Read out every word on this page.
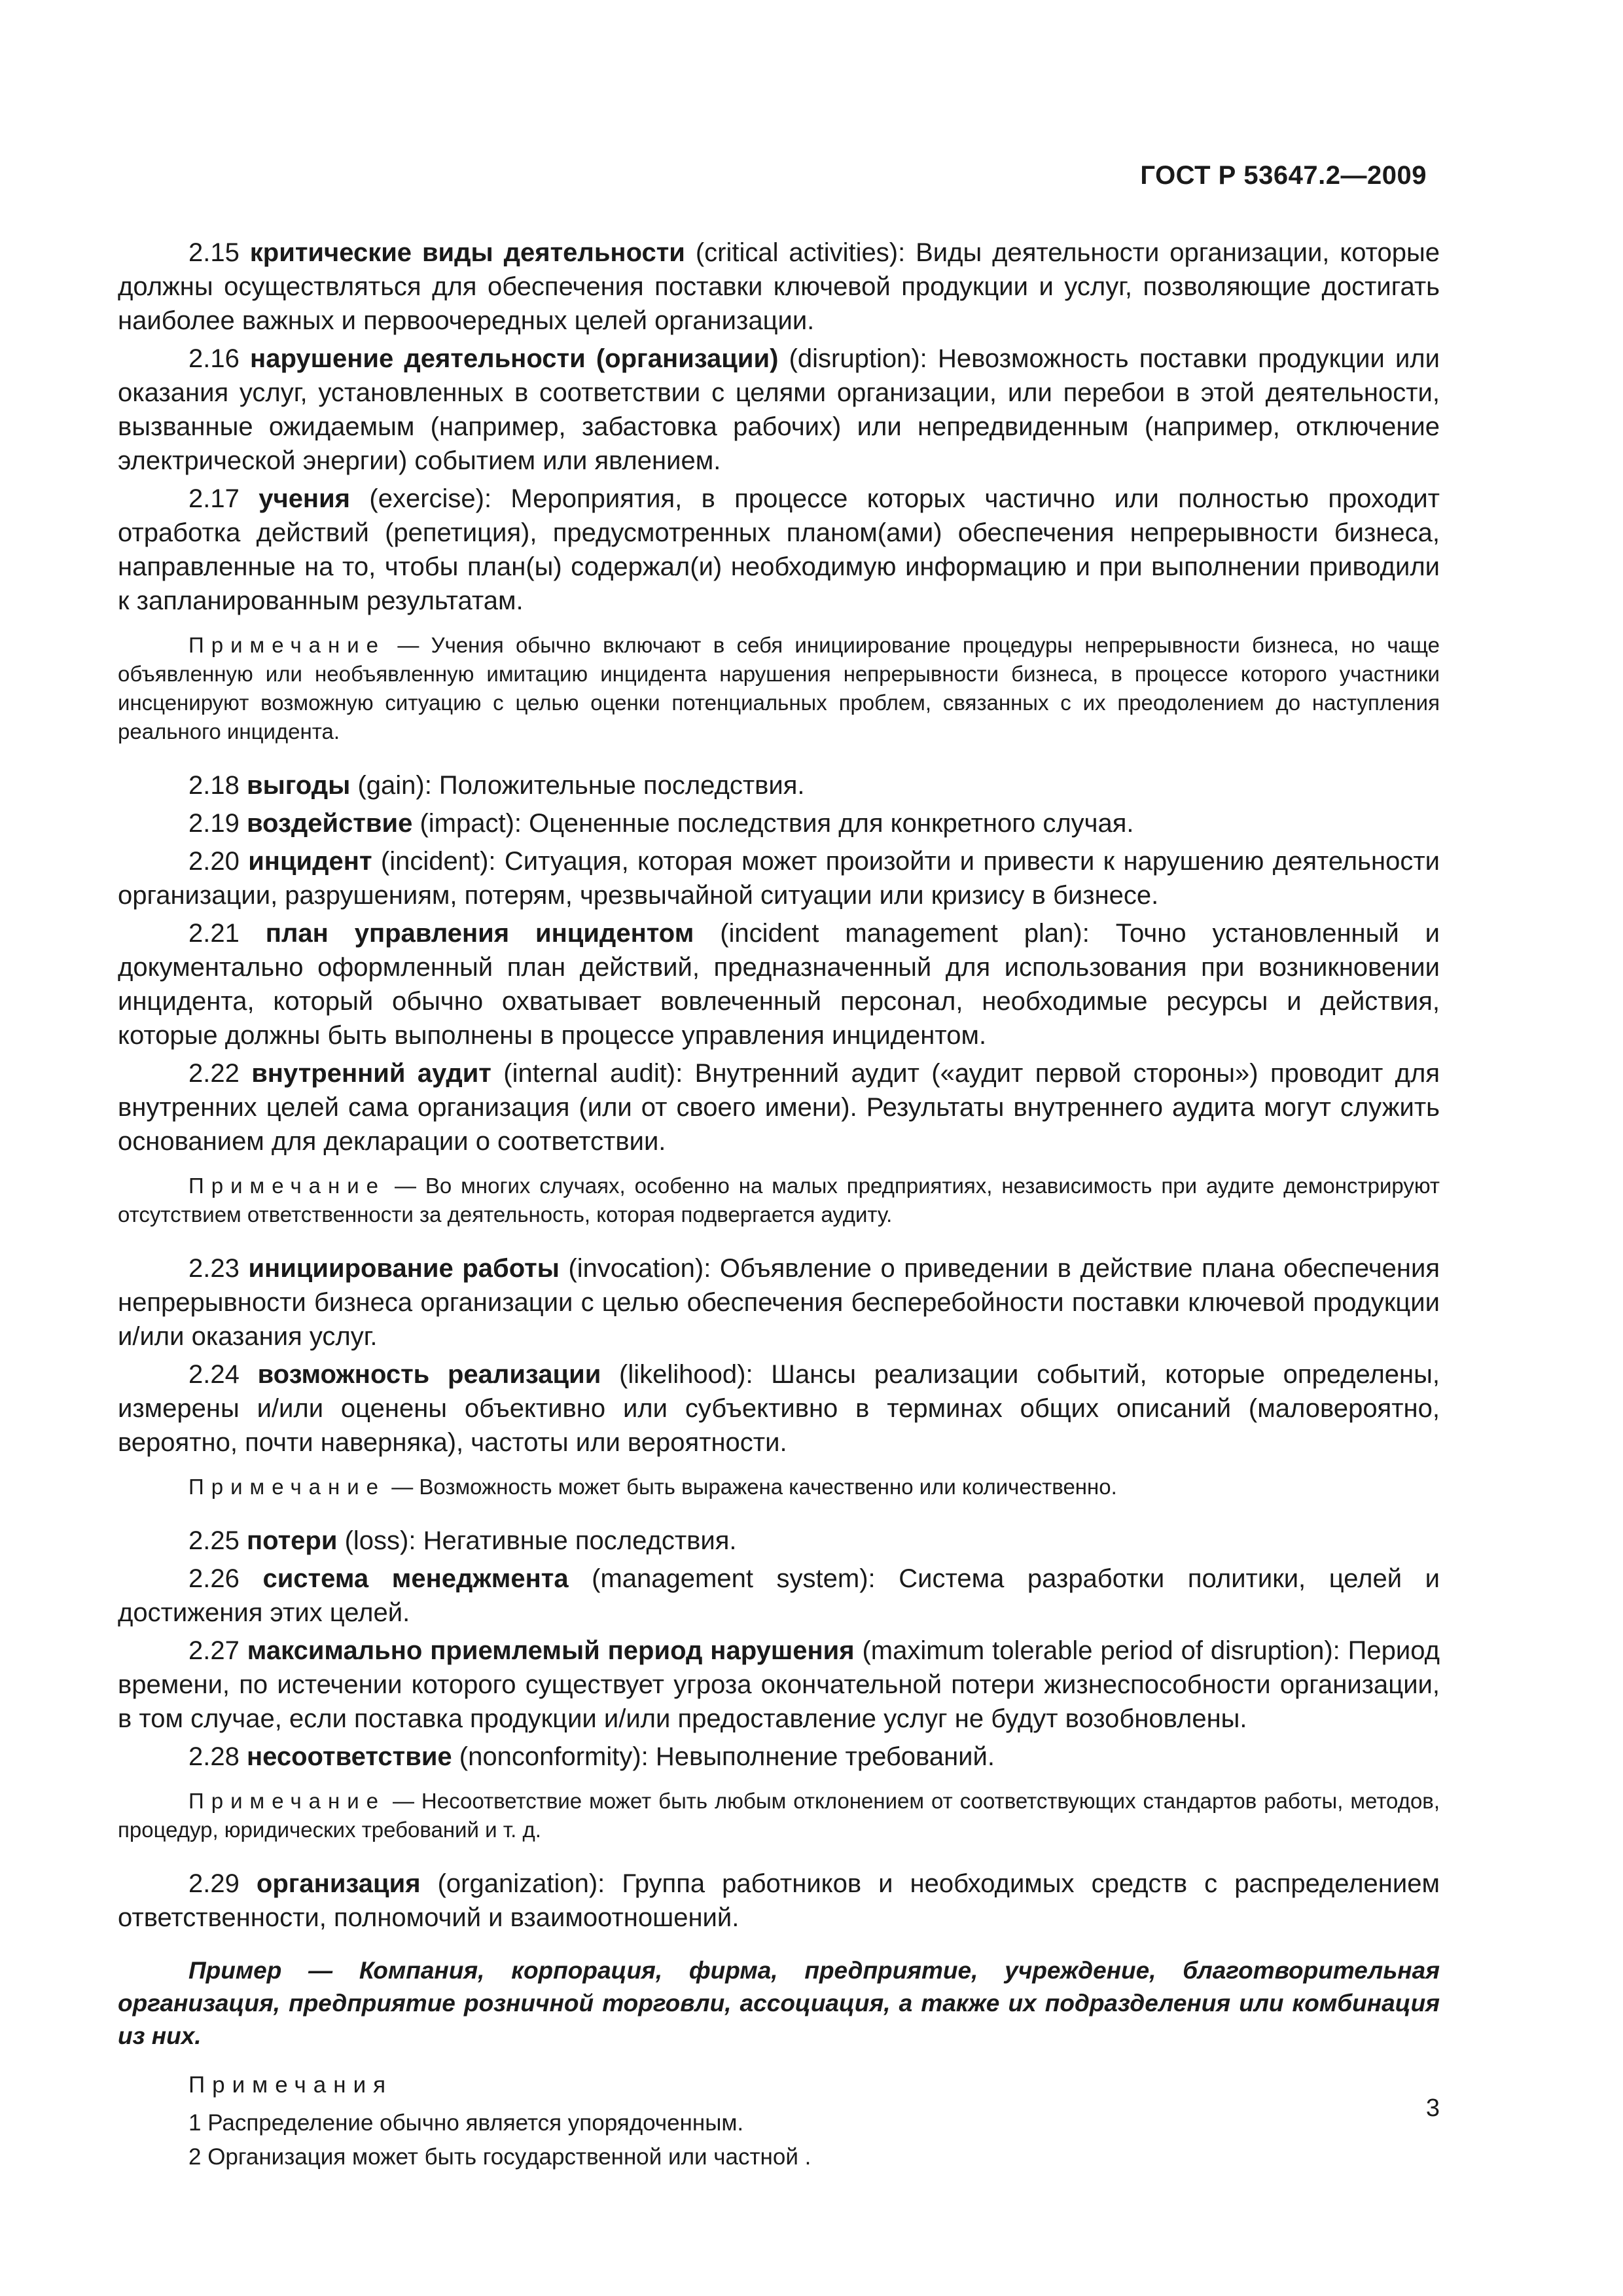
ГОСТ Р 53647.2—2009

2.15 критические виды деятельности (critical activities): Виды деятельности организации, которые должны осуществляться для обеспечения поставки ключевой продукции и услуг, позволяющие достигать наиболее важных и первоочередных целей организации.

2.16 нарушение деятельности (организации) (disruption): Невозможность поставки продукции или оказания услуг, установленных в соответствии с целями организации, или перебои в этой деятельности, вызванные ожидаемым (например, забастовка рабочих) или непредвиденным (например, отключение электрической энергии) событием или явлением.

2.17 учения (exercise): Мероприятия, в процессе которых частично или полностью проходит отработка действий (репетиция), предусмотренных планом(ами) обеспечения непрерывности бизнеса, направленные на то, чтобы план(ы) содержал(и) необходимую информацию и при выполнении приводили к запланированным результатам.

Примечание — Учения обычно включают в себя инициирование процедуры непрерывности бизнеса, но чаще объявленную или необъявленную имитацию инцидента нарушения непрерывности бизнеса, в процессе которого участники инсценируют возможную ситуацию с целью оценки потенциальных проблем, связанных с их преодолением до наступления реального инцидента.

2.18 выгоды (gain): Положительные последствия.

2.19 воздействие (impact): Оцененные последствия для конкретного случая.

2.20 инцидент (incident): Ситуация, которая может произойти и привести к нарушению деятельности организации, разрушениям, потерям, чрезвычайной ситуации или кризису в бизнесе.

2.21 план управления инцидентом (incident management plan): Точно установленный и документально оформленный план действий, предназначенный для использования при возникновении инцидента, который обычно охватывает вовлеченный персонал, необходимые ресурсы и действия, которые должны быть выполнены в процессе управления инцидентом.

2.22 внутренний аудит (internal audit): Внутренний аудит («аудит первой стороны») проводит для внутренних целей сама организация (или от своего имени). Результаты внутреннего аудита могут служить основанием для декларации о соответствии.

Примечание — Во многих случаях, особенно на малых предприятиях, независимость при аудите демонстрируют отсутствием ответственности за деятельность, которая подвергается аудиту.

2.23 инициирование работы (invocation): Объявление о приведении в действие плана обеспечения непрерывности бизнеса организации с целью обеспечения бесперебойности поставки ключевой продукции и/или оказания услуг.

2.24 возможность реализации (likelihood): Шансы реализации событий, которые определены, измерены и/или оценены объективно или субъективно в терминах общих описаний (маловероятно, вероятно, почти наверняка), частоты или вероятности.

Примечание — Возможность может быть выражена качественно или количественно.

2.25 потери (loss): Негативные последствия.

2.26 система менеджмента (management system): Система разработки политики, целей и достижения этих целей.

2.27 максимально приемлемый период нарушения (maximum tolerable period of disruption): Период времени, по истечении которого существует угроза окончательной потери жизнеспособности организации, в том случае, если поставка продукции и/или предоставление услуг не будут возобновлены.

2.28 несоответствие (nonconformity): Невыполнение требований.

Примечание — Несоответствие может быть любым отклонением от соответствующих стандартов работы, методов, процедур, юридических требований и т. д.

2.29 организация (organization): Группа работников и необходимых средств с распределением ответственности, полномочий и взаимоотношений.

Пример — Компания, корпорация, фирма, предприятие, учреждение, благотворительная организация, предприятие розничной торговли, ассоциация, а также их подразделения или комбинация из них.

Примечания

1 Распределение обычно является упорядоченным.

2 Организация может быть государственной или частной .

3
